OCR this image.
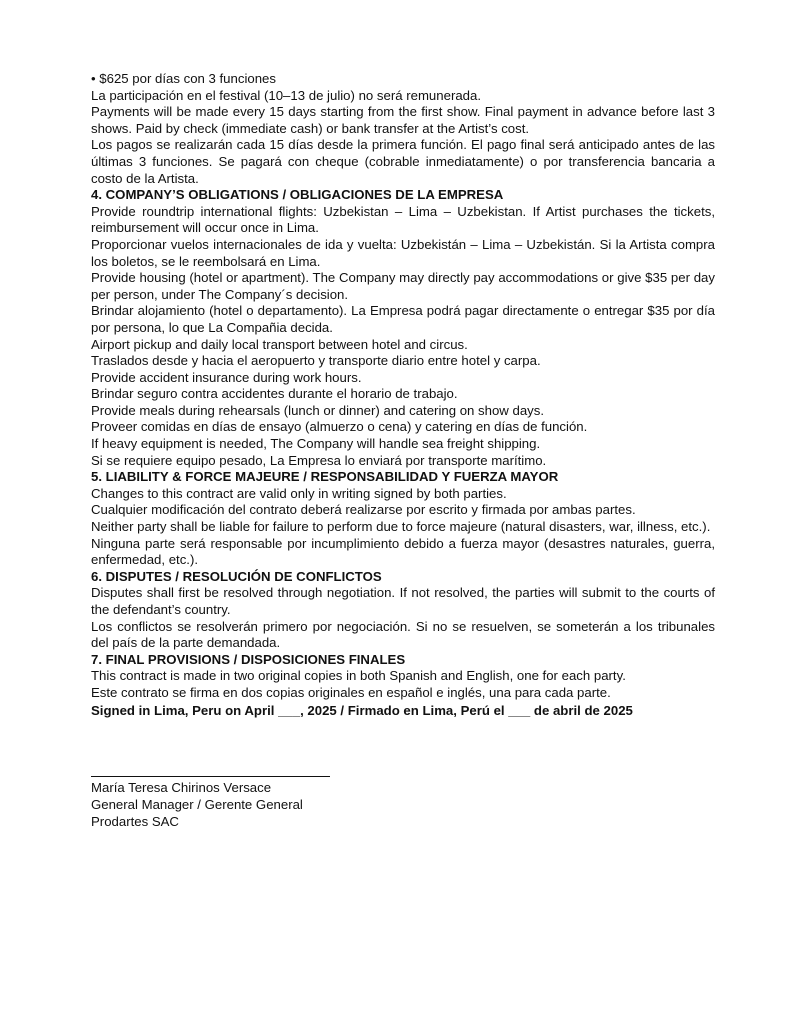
• $625 por días con 3 funciones

La participación en el festival (10–13 de julio) no será remunerada.

Payments will be made every 15 days starting from the first show. Final payment in advance before last 3 shows. Paid by check (immediate cash) or bank transfer at the Artist’s cost.

Los pagos se realizarán cada 15 días desde la primera función. El pago final será anticipado antes de las últimas 3 funciones. Se pagará con cheque (cobrable inmediatamente) o por transferencia bancaria a costo de la Artista.

4. COMPANY’S OBLIGATIONS / OBLIGACIONES DE LA EMPRESA

Provide roundtrip international flights: Uzbekistan – Lima – Uzbekistan. If Artist purchases the tickets, reimbursement will occur once in Lima.

Proporcionar vuelos internacionales de ida y vuelta: Uzbekistán – Lima – Uzbekistán. Si la Artista compra los boletos, se le reembolsará en Lima.

Provide housing (hotel or apartment). The Company may directly pay accommodations or give $35 per day per person, under The Company´s decision.

Brindar alojamiento (hotel o departamento). La Empresa podrá pagar directamente o entregar $35 por día por persona, lo que La Compañia decida.

Airport pickup and daily local transport between hotel and circus.

Traslados desde y hacia el aeropuerto y transporte diario entre hotel y carpa.

Provide accident insurance during work hours.

Brindar seguro contra accidentes durante el horario de trabajo.

Provide meals during rehearsals (lunch or dinner) and catering on show days.

Proveer comidas en días de ensayo (almuerzo o cena) y catering en días de función.

If heavy equipment is needed, The Company will handle sea freight shipping.

Si se requiere equipo pesado, La Empresa lo enviará por transporte marítimo.

5. LIABILITY & FORCE MAJEURE / RESPONSABILIDAD Y FUERZA MAYOR

Changes to this contract are valid only in writing signed by both parties.

Cualquier modificación del contrato deberá realizarse por escrito y firmada por ambas partes.

Neither party shall be liable for failure to perform due to force majeure (natural disasters, war, illness, etc.).

Ninguna parte será responsable por incumplimiento debido a fuerza mayor (desastres naturales, guerra, enfermedad, etc.).

6. DISPUTES / RESOLUCIÓN DE CONFLICTOS

Disputes shall first be resolved through negotiation. If not resolved, the parties will submit to the courts of the defendant’s country.

Los conflictos se resolverán primero por negociación. Si no se resuelven, se someterán a los tribunales del país de la parte demandada.

7. FINAL PROVISIONS / DISPOSICIONES FINALES

This contract is made in two original copies in both Spanish and English, one for each party.

Este contrato se firma en dos copias originales en español e inglés, una para cada parte.

Signed in Lima, Peru on April ___, 2025 / Firmado en Lima, Perú el ___ de abril de 2025

María Teresa Chirinos Versace

General Manager / Gerente General

Prodartes SAC
